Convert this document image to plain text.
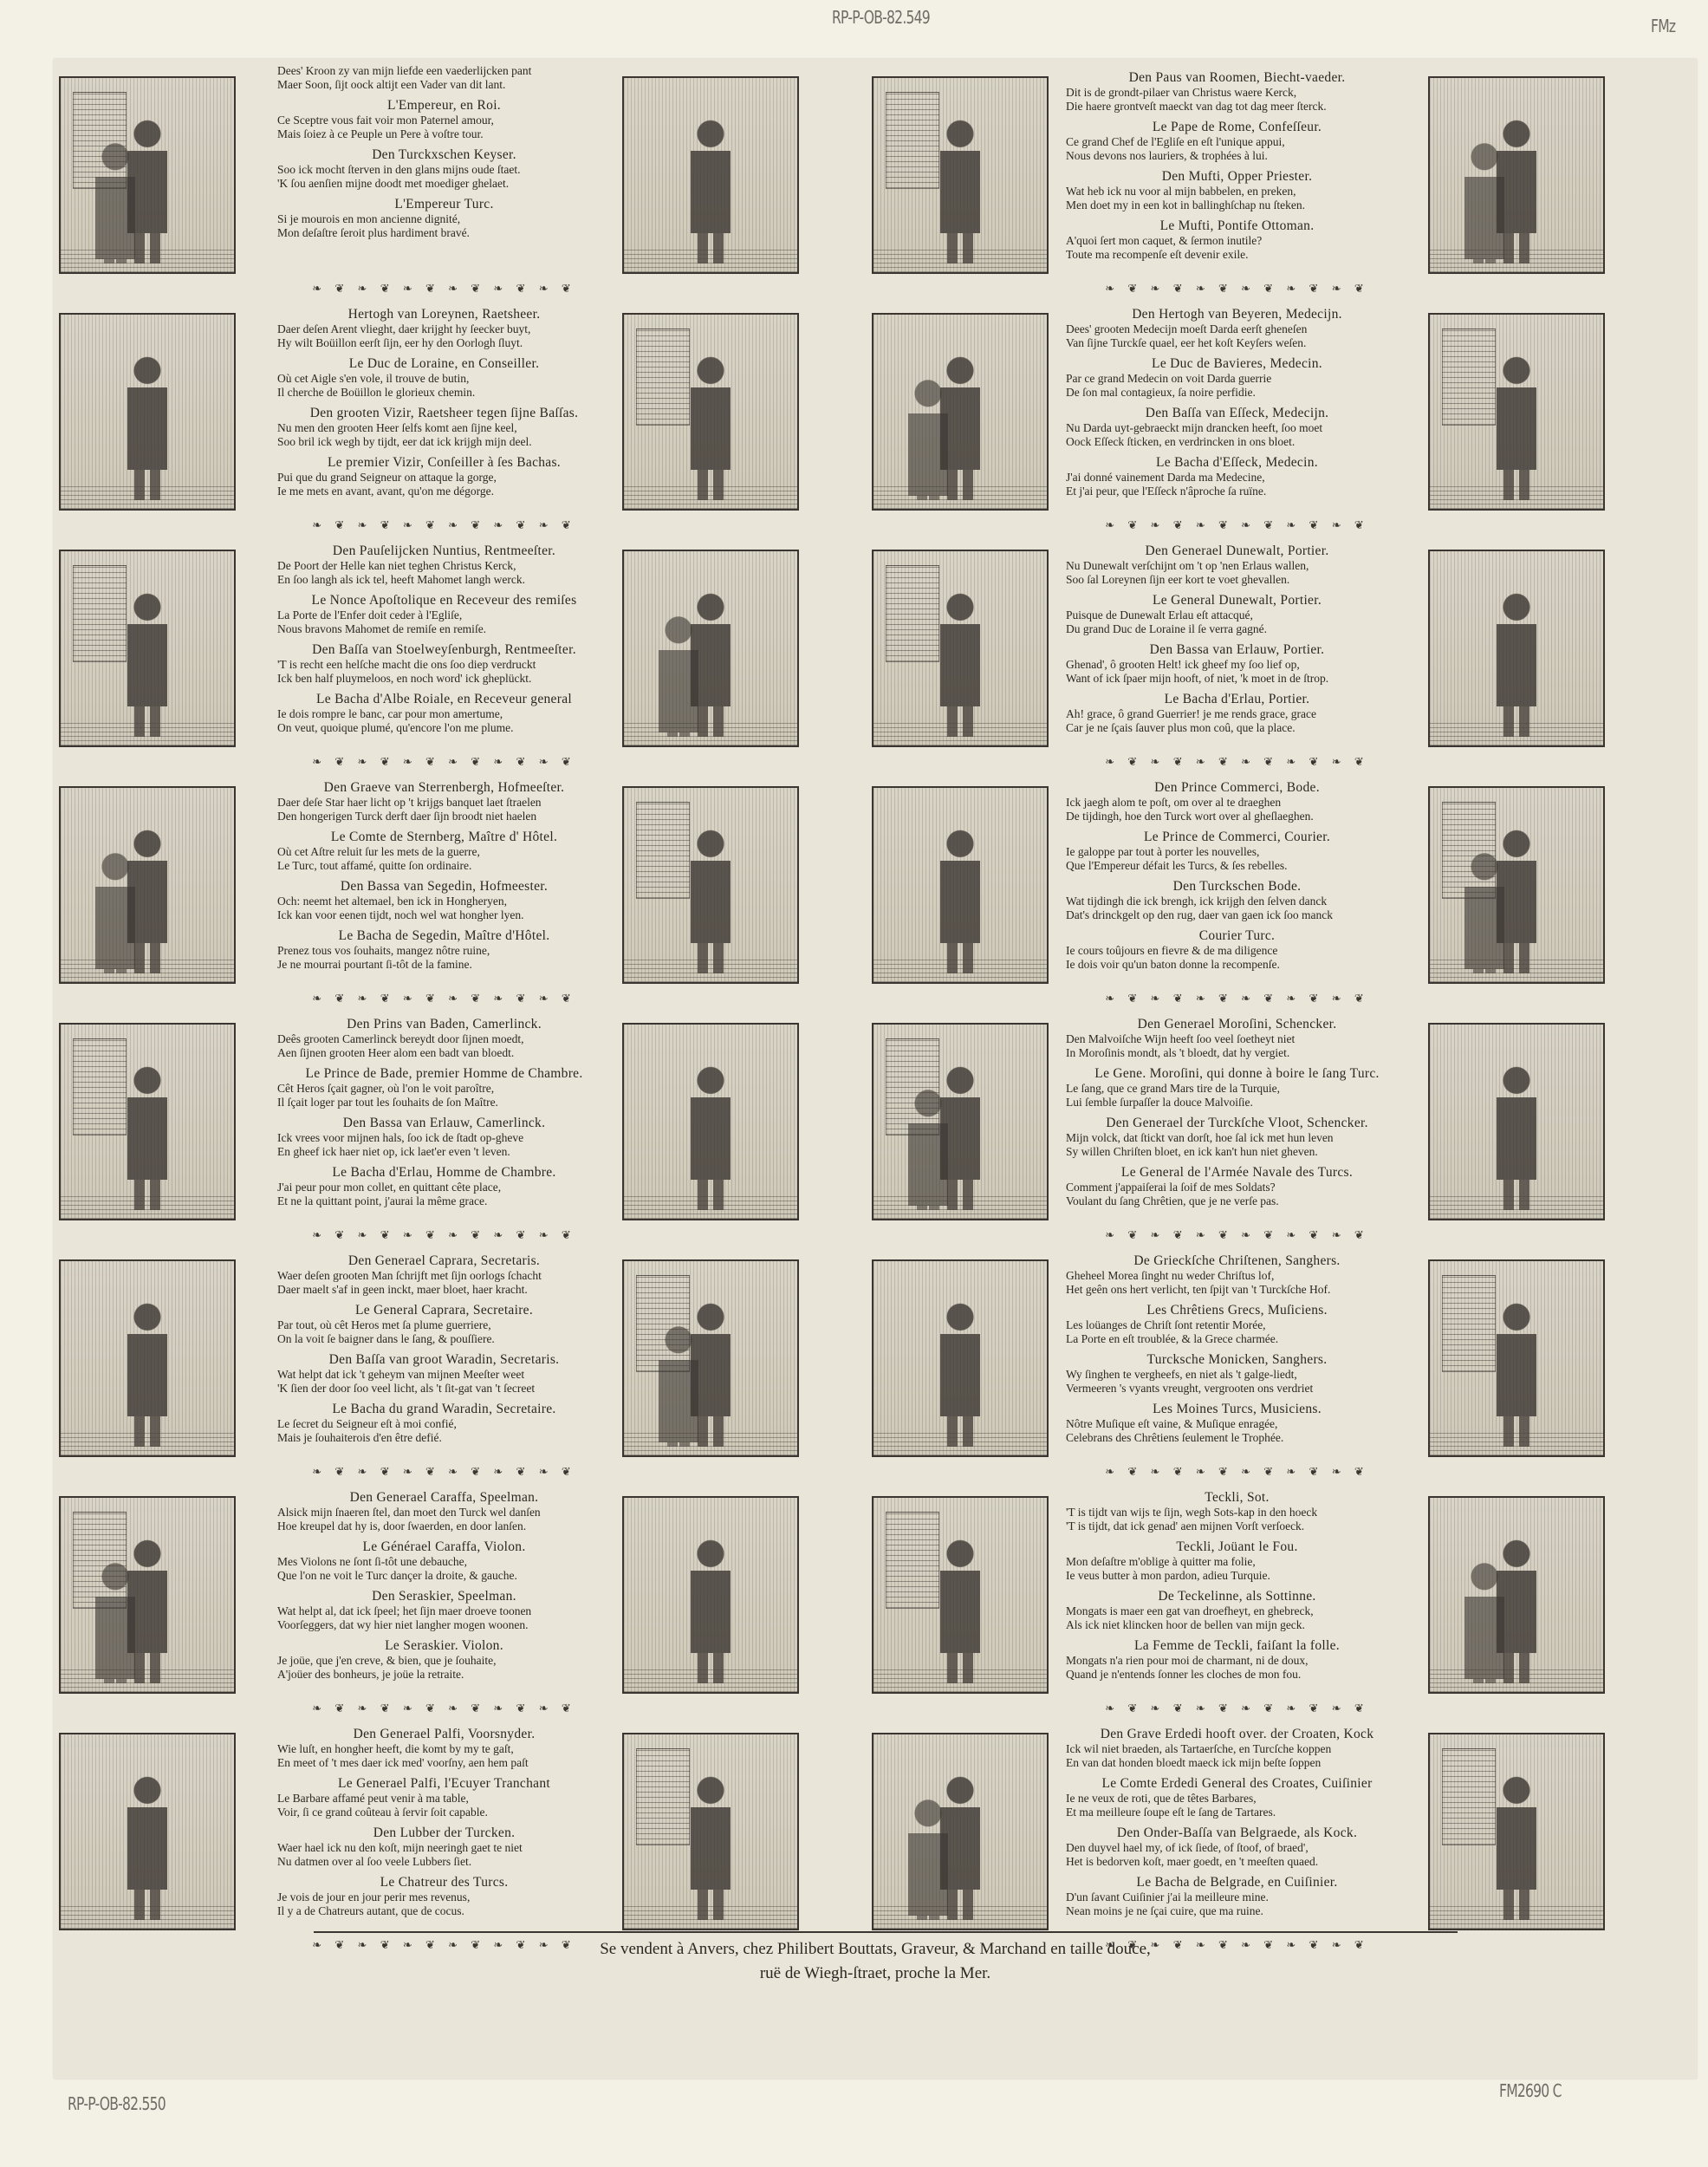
RP-P-OB-82.549	FMz
Dees' Kroon zy van mijn liefde een vaederlijcken pant
Maer Soon, ſijt oock altijt een Vader van dit lant.
L'Empereur, en Roi.
Ce Sceptre vous fait voir mon Paternel amour,
Mais ſoiez à ce Peuple un Pere à voſtre tour.
Den Turckxschen Keyser.
Soo ick mocht ſterven in den glans mijns oude ſtaet.
'K ſou aenſien mijne doodt met moediger ghelaet.
L'Empereur Turc.
Si je mourois en mon ancienne dignité,
Mon deſaſtre ſeroit plus hardiment bravé.
❧ ❦ ❧ ❦ ❧ ❦ ❧ ❦ ❧ ❦ ❧ ❦
Den Paus van Roomen, Biecht-vaeder.
Dit is de grondt-pilaer van Christus waere Kerck,
Die haere grontveſt maeckt van dag tot dag meer ſterck.
Le Pape de Rome, Confeſſeur.
Ce grand Chef de l'Egliſe en eſt l'unique appui,
Nous devons nos lauriers, & trophées à lui.
Den Mufti, Opper Priester.
Wat heb ick nu voor al mijn babbelen, en preken,
Men doet my in een kot in ballinghſchap nu ſteken.
Le Mufti, Pontife Ottoman.
A'quoi ſert mon caquet, & ſermon inutile?
Toute ma recompenſe eſt devenir exile.
❧ ❦ ❧ ❦ ❧ ❦ ❧ ❦ ❧ ❦ ❧ ❦
Hertogh van Loreynen, Raetsheer.
Daer deſen Arent vlieght, daer krijght hy ſeecker buyt,
Hy wilt Boüillon eerſt ſijn, eer hy den Oorlogh ſluyt.
Le Duc de Loraine, en Conseiller.
Où cet Aigle s'en vole, il trouve de butin,
Il cherche de Boüillon le glorieux chemin.
Den grooten Vizir, Raetsheer tegen ſijne Baſſas.
Nu men den grooten Heer ſelfs komt aen ſijne keel,
Soo bril ick wegh by tijdt, eer dat ick krijgh mijn deel.
Le premier Vizir, Conſeiller à ſes Bachas.
Pui que du grand Seigneur on attaque la gorge,
Ie me mets en avant, avant, qu'on me dégorge.
❧ ❦ ❧ ❦ ❧ ❦ ❧ ❦ ❧ ❦ ❧ ❦
Den Hertogh van Beyeren, Medecijn.
Dees' grooten Medecijn moeſt Darda eerſt gheneſen
Van ſijne Turckſe quael, eer het koſt Keyſers weſen.
Le Duc de Bavieres, Medecin.
Par ce grand Medecin on voit Darda guerrie
De ſon mal contagieux, ſa noire perfidie.
Den Baſſa van Eſſeck, Medecijn.
Nu Darda uyt-gebraeckt mijn drancken heeft, ſoo moet
Oock Eſſeck ſticken, en verdrincken in ons bloet.
Le Bacha d'Eſſeck, Medecin.
J'ai donné vainement Darda ma Medecine,
Et j'ai peur, que l'Eſſeck n'âproche ſa ruïne.
❧ ❦ ❧ ❦ ❧ ❦ ❧ ❦ ❧ ❦ ❧ ❦
Den Pauſelijcken Nuntius, Rentmeeſter.
De Poort der Helle kan niet teghen Christus Kerck,
En ſoo langh als ick tel, heeft Mahomet langh werck.
Le Nonce Apoſtolique en Receveur des remiſes
La Porte de l'Enfer doit ceder à l'Egliſe,
Nous bravons Mahomet de remiſe en remiſe.
Den Baſſa van Stoelweyſenburgh, Rentmeeſter.
'T is recht een helſche macht die ons ſoo diep verdruckt
Ick ben half pluymeloos, en noch word' ick gheplückt.
Le Bacha d'Albe Roiale, en Receveur general
Ie dois rompre le banc, car pour mon amertume,
On veut, quoique plumé, qu'encore l'on me plume.
❧ ❦ ❧ ❦ ❧ ❦ ❧ ❦ ❧ ❦ ❧ ❦
Den Generael Dunewalt, Portier.
Nu Dunewalt verſchijnt om 't op 'nen Erlaus wallen,
Soo ſal Loreynen ſijn eer kort te voet ghevallen.
Le General Dunewalt, Portier.
Puisque de Dunewalt Erlau eſt attacqué,
Du grand Duc de Loraine il ſe verra gagné.
Den Bassa van Erlauw, Portier.
Ghenad', ô grooten Helt! ick gheef my ſoo lief op,
Want of ick ſpaer mijn hooft, of niet, 'k moet in de ſtrop.
Le Bacha d'Erlau, Portier.
Ah! grace, ô grand Guerrier! je me rends grace, grace
Car je ne ſçais ſauver plus mon coû, que la place.
❧ ❦ ❧ ❦ ❧ ❦ ❧ ❦ ❧ ❦ ❧ ❦
Den Graeve van Sterrenbergh, Hofmeeſter.
Daer deſe Star haer licht op 't krijgs banquet laet ſtraelen
Den hongerigen Turck derft daer ſijn broodt niet haelen
Le Comte de Sternberg, Maître d' Hôtel.
Où cet Aſtre reluit ſur les mets de la guerre,
Le Turc, tout affamé, quitte ſon ordinaire.
Den Bassa van Segedin, Hofmeester.
Och: neemt het altemael, ben ick in Hongheryen,
Ick kan voor eenen tijdt, noch wel wat hongher lyen.
Le Bacha de Segedin, Maître d'Hôtel.
Prenez tous vos ſouhaits, mangez nôtre ruine,
Je ne mourrai pourtant ſi-tôt de la famine.
❧ ❦ ❧ ❦ ❧ ❦ ❧ ❦ ❧ ❦ ❧ ❦
Den Prince Commerci, Bode.
Ick jaegh alom te poſt, om over al te draeghen
De tijdingh, hoe den Turck wort over al gheſlaeghen.
Le Prince de Commerci, Courier.
Ie galoppe par tout à porter les nouvelles,
Que l'Empereur défait les Turcs, & ſes rebelles.
Den Turckschen Bode.
Wat tijdingh die ick brengh, ick krijgh den ſelven danck
Dat's drinckgelt op den rug, daer van gaen ick ſoo manck
Courier Turc.
Ie cours toûjours en fievre & de ma diligence
Ie dois voir qu'un baton donne la recompenſe.
❧ ❦ ❧ ❦ ❧ ❦ ❧ ❦ ❧ ❦ ❧ ❦
Den Prins van Baden, Camerlinck.
Deês grooten Camerlinck bereydt door ſijnen moedt,
Aen ſijnen grooten Heer alom een badt van bloedt.
Le Prince de Bade, premier Homme de Chambre.
Cêt Heros ſçait gagner, où l'on le voit paroître,
Il ſçait loger par tout les ſouhaits de ſon Maître.
Den Bassa van Erlauw, Camerlinck.
Ick vrees voor mijnen hals, ſoo ick de ſtadt op-gheve
En gheef ick haer niet op, ick laet'er even 't leven.
Le Bacha d'Erlau, Homme de Chambre.
J'ai peur pour mon collet, en quittant cête place,
Et ne la quittant point, j'aurai la même grace.
❧ ❦ ❧ ❦ ❧ ❦ ❧ ❦ ❧ ❦ ❧ ❦
Den Generael Moroſini, Schencker.
Den Malvoiſche Wijn heeft ſoo veel ſoetheyt niet
In Moroſinis mondt, als 't bloedt, dat hy vergiet.
Le Gene. Moroſini, qui donne à boire le ſang Turc.
Le ſang, que ce grand Mars tire de la Turquie,
Lui ſemble ſurpaſſer la douce Malvoiſie.
Den Generael der Turckſche Vloot, Schencker.
Mijn volck, dat ſtickt van dorſt, hoe ſal ick met hun leven
Sy willen Chriſten bloet, en ick kan't hun niet gheven.
Le General de l'Armée Navale des Turcs.
Comment j'appaiſerai la ſoif de mes Soldats?
Voulant du ſang Chrêtien, que je ne verſe pas.
❧ ❦ ❧ ❦ ❧ ❦ ❧ ❦ ❧ ❦ ❧ ❦
Den Generael Caprara, Secretaris.
Waer deſen grooten Man ſchrijft met ſijn oorlogs ſchacht
Daer maelt s'af in geen inckt, maer bloet, haer kracht.
Le General Caprara, Secretaire.
Par tout, où cêt Heros met ſa plume guerriere,
On la voit ſe baigner dans le ſang, & pouſſiere.
Den Baſſa van groot Waradin, Secretaris.
Wat helpt dat ick 't geheym van mijnen Meeſter weet
'K ſien der door ſoo veel licht, als 't ſit-gat van 't ſecreet
Le Bacha du grand Waradin, Secretaire.
Le ſecret du Seigneur eſt à moi confié,
Mais je ſouhaiterois d'en être defié.
❧ ❦ ❧ ❦ ❧ ❦ ❧ ❦ ❧ ❦ ❧ ❦
De Grieckſche Chriſtenen, Sanghers.
Gheheel Morea ſinght nu weder Chriſtus lof,
Het geên ons hert verlicht, ten ſpijt van 't Turckſche Hof.
Les Chrêtiens Grecs, Muſiciens.
Les loüanges de Chriſt ſont retentir Morée,
La Porte en eſt troublée, & la Grece charmée.
Turcksche Monicken, Sanghers.
Wy ſinghen te vergheefs, en niet als 't galge-liedt,
Vermeeren 's vyants vreught, vergrooten ons verdriet
Les Moines Turcs, Musiciens.
Nôtre Muſique eſt vaine, & Muſique enragée,
Celebrans des Chrêtiens ſeulement le Trophée.
❧ ❦ ❧ ❦ ❧ ❦ ❧ ❦ ❧ ❦ ❧ ❦
Den Generael Caraffa, Speelman.
Alsick mijn ſnaeren ſtel, dan moet den Turck wel danſen
Hoe kreupel dat hy is, door ſwaerden, en door lanſen.
Le Générael Caraffa, Violon.
Mes Violons ne ſont ſi-tôt une debauche,
Que l'on ne voit le Turc dançer la droite, & gauche.
Den Seraskier, Speelman.
Wat helpt al, dat ick ſpeel; het ſijn maer droeve toonen
Voorſeggers, dat wy hier niet langher mogen woonen.
Le Seraskier. Violon.
Je joüe, que j'en creve, & bien, que je ſouhaite,
A'joüer des bonheurs, je joüe la retraite.
❧ ❦ ❧ ❦ ❧ ❦ ❧ ❦ ❧ ❦ ❧ ❦
Teckli, Sot.
'T is tijdt van wijs te ſijn, wegh Sots-kap in den hoeck
'T is tijdt, dat ick genad' aen mijnen Vorſt verſoeck.
Teckli, Joüant le Fou.
Mon deſaſtre m'oblige à quitter ma folie,
Ie veus butter à mon pardon, adieu Turquie.
De Teckelinne, als Sottinne.
Mongats is maer een gat van droefheyt, en ghebreck,
Als ick niet klincken hoor de bellen van mijn geck.
La Femme de Teckli, faiſant la folle.
Mongats n'a rien pour moi de charmant, ni de doux,
Quand je n'entends ſonner les cloches de mon fou.
❧ ❦ ❧ ❦ ❧ ❦ ❧ ❦ ❧ ❦ ❧ ❦
Den Generael Palfi, Voorsnyder.
Wie luſt, en hongher heeft, die komt by my te gaſt,
En meet of 't mes daer ick med' voorſny, aen hem paſt
Le Generael Palfi, l'Ecuyer Tranchant
Le Barbare affamé peut venir à ma table,
Voir, ſi ce grand coûteau à ſervir ſoit capable.
Den Lubber der Turcken.
Waer hael ick nu den koſt, mijn neeringh gaet te niet
Nu datmen over al ſoo veele Lubbers ſiet.
Le Chatreur des Turcs.
Je vois de jour en jour perir mes revenus,
Il y a de Chatreurs autant, que de cocus.
❧ ❦ ❧ ❦ ❧ ❦ ❧ ❦ ❧ ❦ ❧ ❦
Den Grave Erdedi hooft over. der Croaten, Kock
Ick wil niet braeden, als Tartaerſche, en Turcſche koppen
En van dat honden bloedt maeck ick mijn beſte ſoppen
Le Comte Erdedi General des Croates, Cuiſinier
Ie ne veux de roti, que de têtes Barbares,
Et ma meilleure ſoupe eſt le ſang de Tartares.
Den Onder-Baſſa van Belgraede, als Kock.
Den duyvel hael my, of ick ſiede, of ſtoof, of braed',
Het is bedorven koſt, maer goedt, en 't meeſten quaed.
Le Bacha de Belgrade, en Cuiſinier.
D'un ſavant Cuiſinier j'ai la meilleure mine.
Nean moins je ne ſçai cuire, que ma ruine.
❧ ❦ ❧ ❦ ❧ ❦ ❧ ❦ ❧ ❦ ❧ ❦
Se vendent à Anvers, chez Philibert Bouttats, Graveur, & Marchand en taille douce,
ruë de Wiegh-ſtraet, proche la Mer.
RP-P-OB-82.550
FM2690 C
